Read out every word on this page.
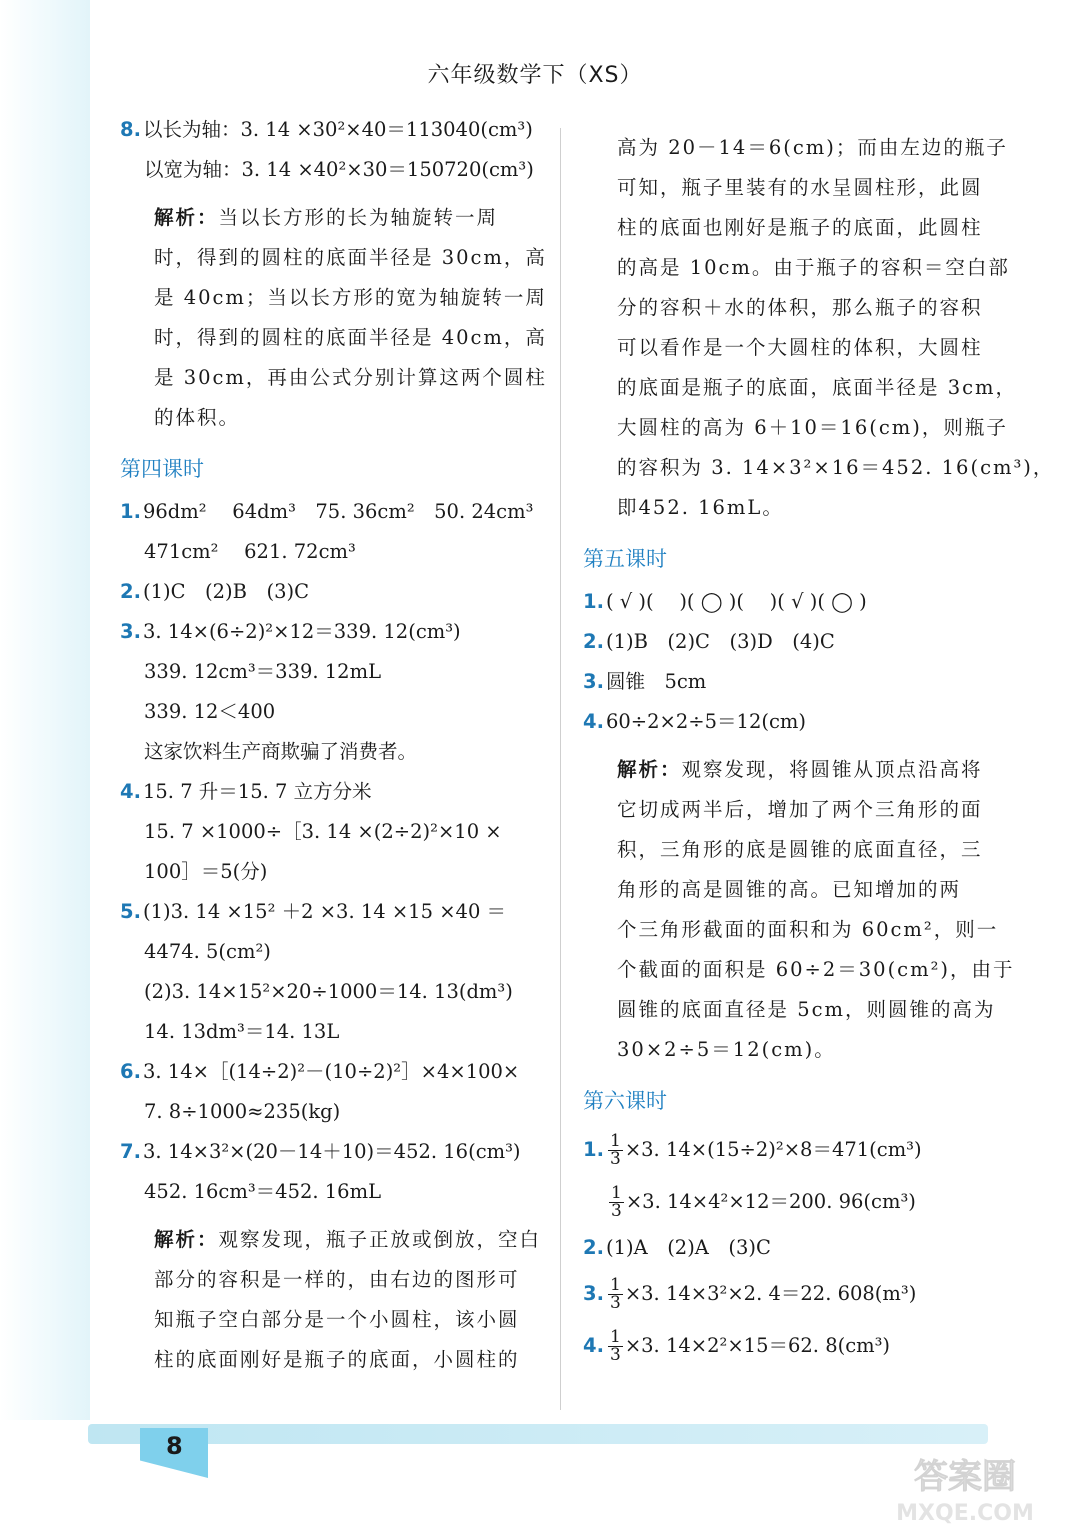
六年级数学下（XS）
8. 以长为轴：3. 14 ×30²×40＝113040(cm³)
以宽为轴：3. 14 ×40²×30＝150720(cm³)
解析：当以长方形的长为轴旋转一周
时，得到的圆柱的底面半径是 30cm，高
是 40cm；当以长方形的宽为轴旋转一周
时，得到的圆柱的底面半径是 40cm，高
是 30cm，再由公式分别计算这两个圆柱
的体积。
第四课时
1. 96dm²　 64dm³　75. 36cm²　50. 24cm³
471cm²　 621. 72cm³
2. (1)C　(2)B　(3)C
3. 3. 14×(6÷2)²×12＝339. 12(cm³)
339. 12cm³＝339. 12mL
339. 12＜400
这家饮料生产商欺骗了消费者。
4. 15. 7 升＝15. 7 立方分米
15. 7 ×1000÷［3. 14 ×(2÷2)²×10 ×
100］＝5(分)
5. (1)3. 14 ×15² ＋2 ×3. 14 ×15 ×40 ＝
4474. 5(cm²)
(2)3. 14×15²×20÷1000＝14. 13(dm³)
14. 13dm³＝14. 13L
6. 3. 14×［(14÷2)²－(10÷2)²］×4×100×
7. 8÷1000≈235(kg)
7. 3. 14×3²×(20－14＋10)＝452. 16(cm³)
452. 16cm³＝452. 16mL
解析：观察发现，瓶子正放或倒放，空白
部分的容积是一样的，由右边的图形可
知瓶子空白部分是一个小圆柱，该小圆
柱的底面刚好是瓶子的底面，小圆柱的
高为 20－14＝6(cm)；而由左边的瓶子
可知，瓶子里装有的水呈圆柱形，此圆
柱的底面也刚好是瓶子的底面，此圆柱
的高是 10cm。由于瓶子的容积＝空白部
分的容积＋水的体积，那么瓶子的容积
可以看作是一个大圆柱的体积，大圆柱
的底面是瓶子的底面，底面半径是 3cm，
大圆柱的高为 6＋10＝16(cm)，则瓶子
的容积为 3. 14×3²×16＝452. 16(cm³)，
即452. 16mL。
第五课时
1. ( √ )(　 )( ◯ )(　 )( √ )( ◯ )
2. (1)B　(2)C　(3)D　(4)C
3. 圆锥　5cm
4. 60÷2×2÷5＝12(cm)
解析：观察发现，将圆锥从顶点沿高将
它切成两半后，增加了两个三角形的面
积，三角形的底是圆锥的底面直径，三
角形的高是圆锥的高。已知增加的两
个三角形截面的面积和为 60cm²，则一
个截面的面积是 60÷2＝30(cm²)，由于
圆锥的底面直径是 5cm，则圆锥的高为
30×2÷5＝12(cm)。
第六课时
1. $\frac{1}{3} \times 3$. 14×(15÷2)²×8＝471(cm³)
$\frac{1}{3} \times 3$. 14×4²×12＝200. 96(cm³)
2. (1)A　(2)A　(3)C
3. $\frac{1}{3} \times 3$. 14×3²×2. 4＝22. 608(m³)
4. $\frac{1}{3} \times 3$. 14×2²×15＝62. 8(cm³)
8
答案圈
MXQE.COM
